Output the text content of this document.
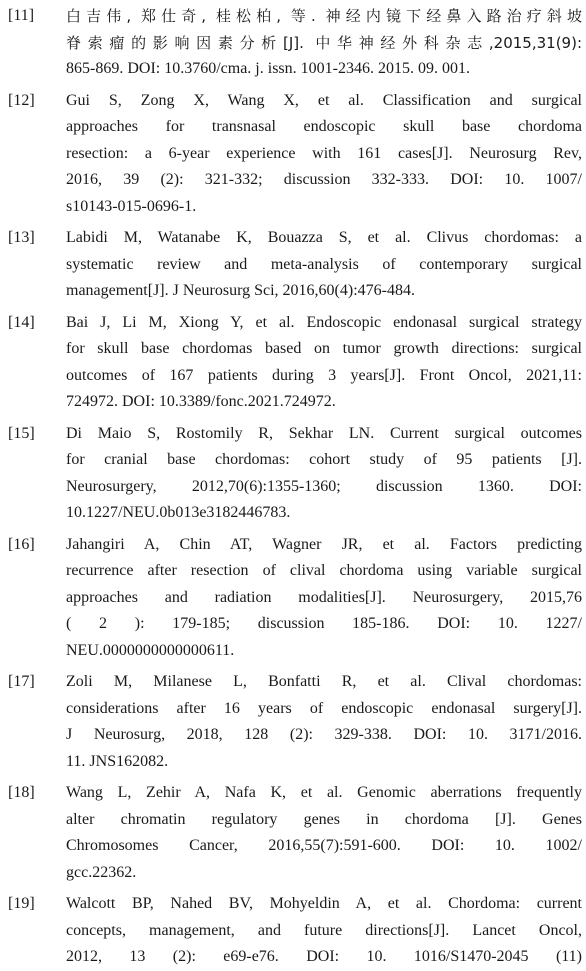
[11]	白吉伟, 郑仕奇, 桂松柏, 等. 神经内镜下经鼻入路治疗斜坡
脊索瘤的影响因素分析[J]. 中华神经外科杂志,2015,31(9):
865-869. DOI: 10.3760/cma. j. issn. 1001-2346. 2015. 09. 001.
[12]	Gui S, Zong X, Wang X, et al. Classification and surgical
approaches for transnasal endoscopic skull base chordoma
resection: a 6-year experience with 161 cases[J]. Neurosurg Rev,
2016, 39 (2): 321-332; discussion 332-333. DOI: 10. 1007/
s10143-015-0696-1.
[13]	Labidi M, Watanabe K, Bouazza S, et al. Clivus chordomas: a
systematic review and meta-analysis of contemporary surgical
management[J]. J Neurosurg Sci, 2016,60(4):476-484.
[14]	Bai J, Li M, Xiong Y, et al. Endoscopic endonasal surgical strategy
for skull base chordomas based on tumor growth directions: surgical
outcomes of 167 patients during 3 years[J]. Front Oncol, 2021,11:
724972. DOI: 10.3389/fonc.2021.724972.
[15]	Di Maio S, Rostomily R, Sekhar LN. Current surgical outcomes
for cranial base chordomas: cohort study of 95 patients [J].
Neurosurgery, 2012,70(6):1355-1360; discussion 1360. DOI:
10.1227/NEU.0b013e3182446783.
[16]	Jahangiri A, Chin AT, Wagner JR, et al. Factors predicting
recurrence after resection of clival chordoma using variable surgical
approaches and radiation modalities[J]. Neurosurgery, 2015,76
( 2 ): 179-185; discussion 185-186. DOI: 10. 1227/
NEU.0000000000000611.
[17]	Zoli M, Milanese L, Bonfatti R, et al. Clival chordomas:
considerations after 16 years of endoscopic endonasal surgery[J].
J Neurosurg, 2018, 128 (2): 329-338. DOI: 10. 3171/2016.
11. JNS162082.
[18]	Wang L, Zehir A, Nafa K, et al. Genomic aberrations frequently
alter chromatin regulatory genes in chordoma [J]. Genes
Chromosomes Cancer, 2016,55(7):591-600. DOI: 10. 1002/
gcc.22362.
[19]	Walcott BP, Nahed BV, Mohyeldin A, et al. Chordoma: current
concepts, management, and future directions[J]. Lancet Oncol,
2012, 13 (2): e69-e76. DOI: 10. 1016/S1470-2045 (11)
